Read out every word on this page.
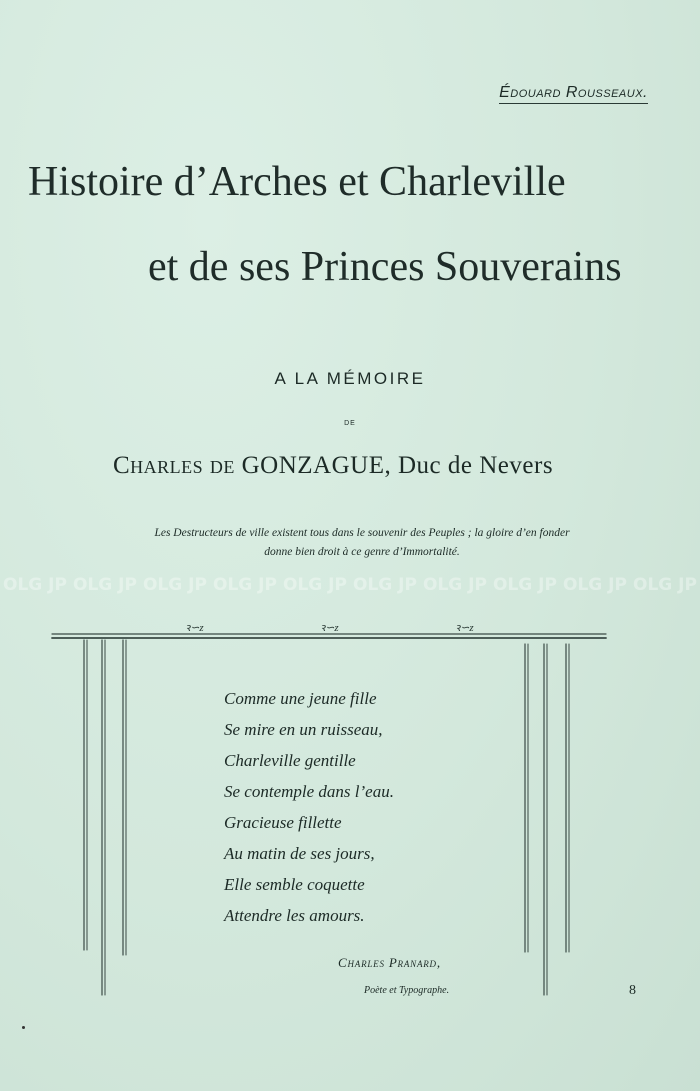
Édouard Rousseaux.
Histoire d’Arches et Charleville
et de ses Princes Souverains
A LA MÉMOIRE
DE
Charles de GONZAGUE, Duc de Nevers
Les Destructeurs de ville existent tous dans le souvenir des Peuples ; la gloire d’en fonder
donne bien droit à ce genre d’Immortalité.
OLG JP OLG JP OLG JP OLG JP OLG JP OLG JP OLG JP OLG JP OLG JP OLG JP
ꝛ∽z	ꝛ∽z	ꝛ∽z
Comme une jeune fille
Se mire en un ruisseau,
Charleville gentille
Se contemple dans l’eau.
Gracieuse fillette
Au matin de ses jours,
Elle semble coquette
Attendre les amours.
Charles Pranard,
Poète et Typographe.	8
